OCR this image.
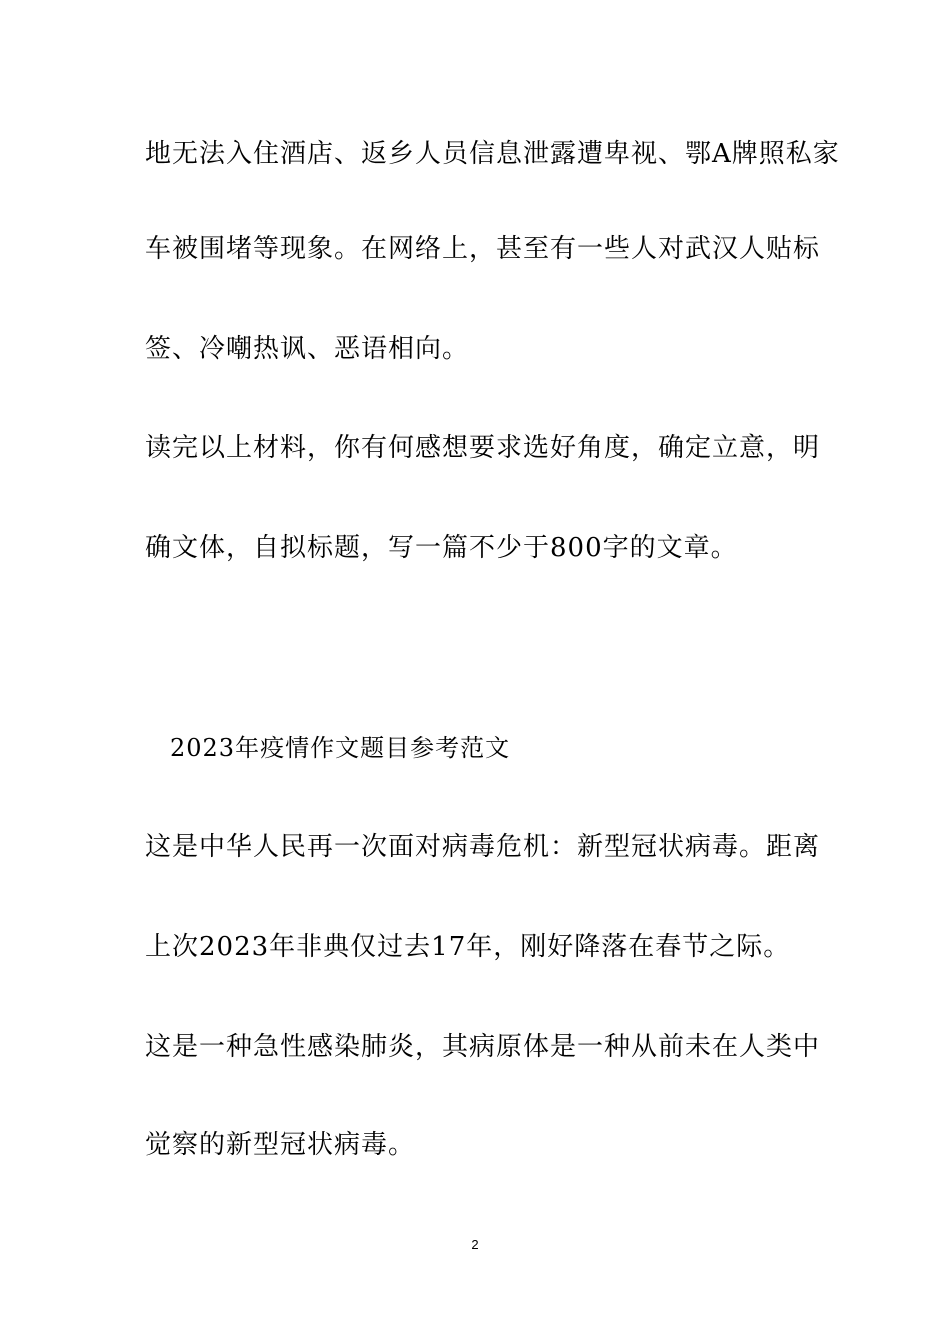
地无法入住酒店、返乡人员信息泄露遭卑视、鄂A牌照私家
车被围堵等现象。在网络上，甚至有一些人对武汉人贴标
签、冷嘲热讽、恶语相向。
读完以上材料，你有何感想要求选好角度，确定立意，明
确文体，自拟标题，写一篇不少于800字的文章。
2023年疫情作文题目参考范文
这是中华人民再一次面对病毒危机：新型冠状病毒。距离
上次2023年非典仅过去17年，刚好降落在春节之际。
这是一种急性感染肺炎，其病原体是一种从前未在人类中
觉察的新型冠状病毒。
2
